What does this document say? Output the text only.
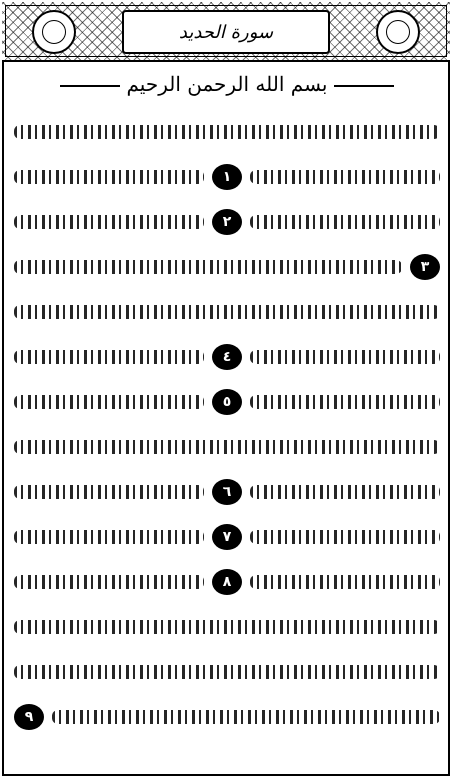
سورة الحديد
بسم الله الرحمن الرحيم
١
٢
٣
٤
٥
٦
٧
٨
٩
